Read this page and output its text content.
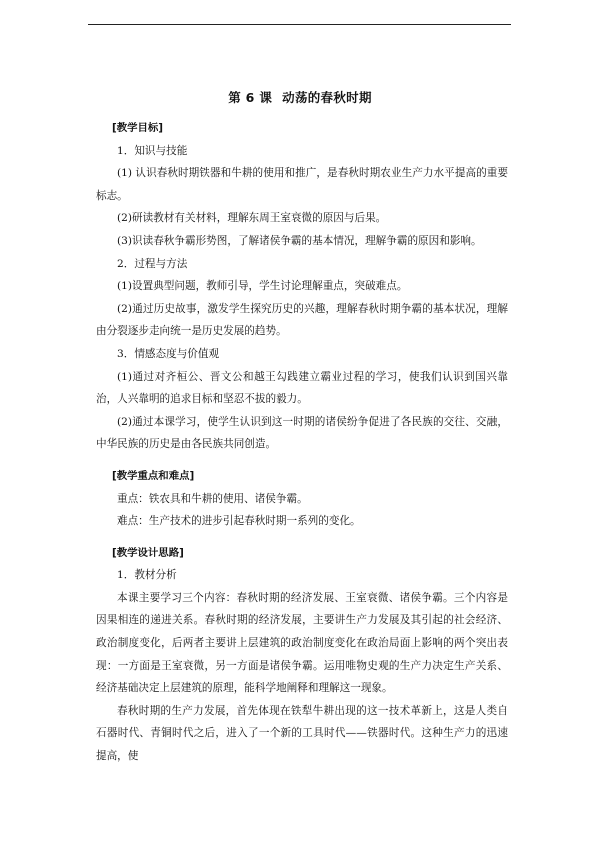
第 6 课 动荡的春秋时期

[教学目标]

1．知识与技能

(1) 认识春秋时期铁器和牛耕的使用和推广，是春秋时期农业生产力水平提高的重要标志。

(2)研读教材有关材料，理解东周王室衰微的原因与后果。

(3)识读春秋争霸形势图，了解诸侯争霸的基本情况，理解争霸的原因和影响。

2．过程与方法

(1)设置典型问题，教师引导，学生讨论理解重点，突破难点。

(2)通过历史故事，激发学生探究历史的兴趣，理解春秋时期争霸的基本状况，理解由分裂逐步走向统一是历史发展的趋势。

3．情感态度与价值观

(1)通过对齐桓公、晋文公和越王勾践建立霸业过程的学习，使我们认识到国兴靠治，人兴靠明的追求目标和坚忍不拔的毅力。

(2)通过本课学习，使学生认识到这一时期的诸侯纷争促进了各民族的交往、交融，中华民族的历史是由各民族共同创造。

[教学重点和难点]

重点：铁农具和牛耕的使用、诸侯争霸。

难点：生产技术的进步引起春秋时期一系列的变化。

[教学设计思路]

1．教材分析

本课主要学习三个内容：春秋时期的经济发展、王室衰微、诸侯争霸。三个内容是因果相连的递进关系。春秋时期的经济发展，主要讲生产力发展及其引起的社会经济、政治制度变化，后两者主要讲上层建筑的政治制度变化在政治局面上影响的两个突出表现：一方面是王室衰微，另一方面是诸侯争霸。运用唯物史观的生产力决定生产关系、经济基础决定上层建筑的原理，能科学地阐释和理解这一现象。

春秋时期的生产力发展，首先体现在铁犁牛耕出现的这一技术革新上，这是人类自石器时代、青铜时代之后，进入了一个新的工具时代——铁器时代。这种生产力的迅速提高，使
